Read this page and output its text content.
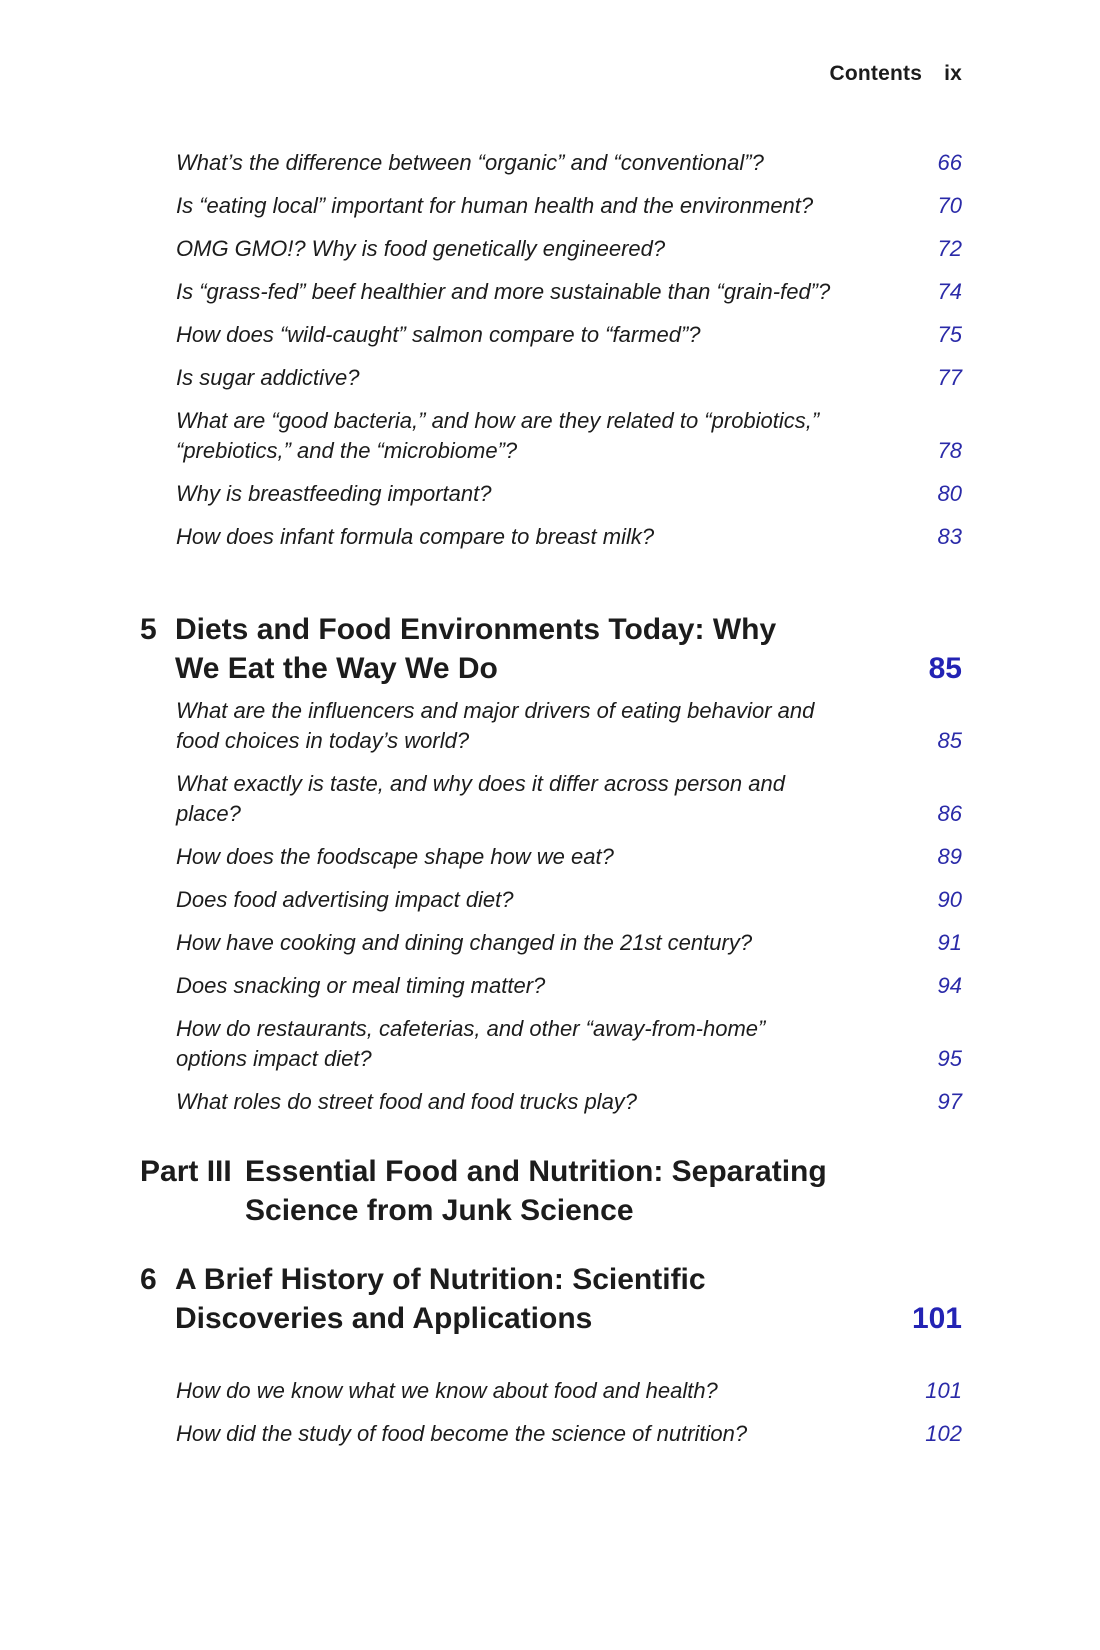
Contents ix
What’s the difference between “organic” and “conventional”?	66
Is “eating local” important for human health and the environment?	70
OMG GMO!? Why is food genetically engineered?	72
Is “grass-fed” beef healthier and more sustainable than “grain-fed”?	74
How does “wild-caught” salmon compare to “farmed”?	75
Is sugar addictive?	77
What are “good bacteria,” and how are they related to “probiotics,” “prebiotics,” and the “microbiome”?	78
Why is breastfeeding important?	80
How does infant formula compare to breast milk?	83
5 Diets and Food Environments Today: Why We Eat the Way We Do	85
What are the influencers and major drivers of eating behavior and food choices in today’s world?	85
What exactly is taste, and why does it differ across person and place?	86
How does the foodscape shape how we eat?	89
Does food advertising impact diet?	90
How have cooking and dining changed in the 21st century?	91
Does snacking or meal timing matter?	94
How do restaurants, cafeterias, and other “away-from-home” options impact diet?	95
What roles do street food and food trucks play?	97
Part III Essential Food and Nutrition: Separating Science from Junk Science
6 A Brief History of Nutrition: Scientific Discoveries and Applications	101
How do we know what we know about food and health?	101
How did the study of food become the science of nutrition?	102
